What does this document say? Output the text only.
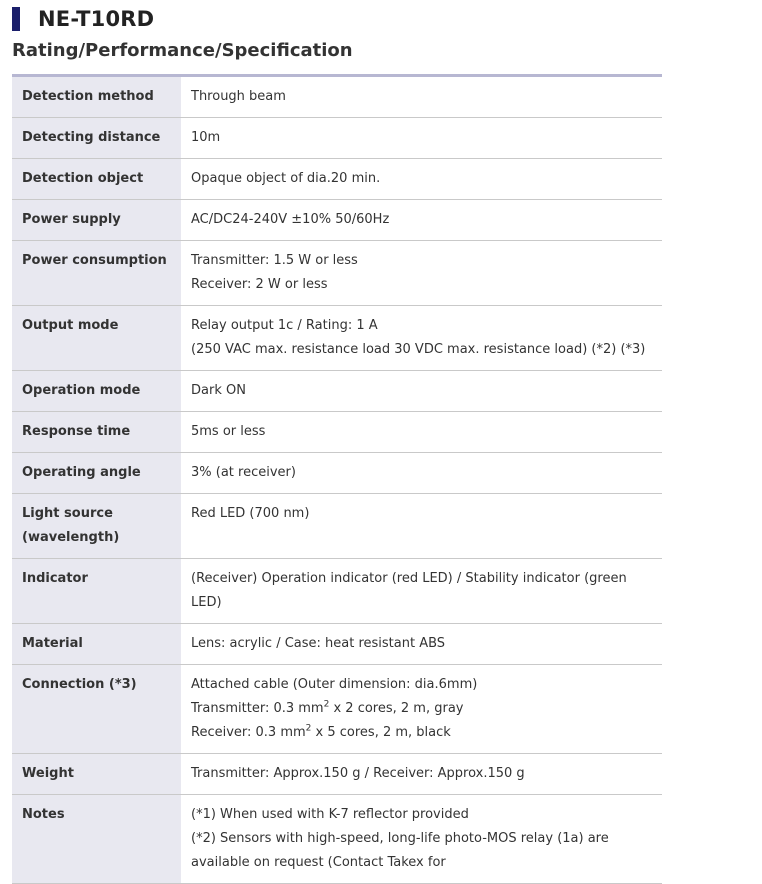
NE-T10RD
Rating/Performance/Specification
Detection method	Through beam

Detecting distance	10m

Detection object	Opaque object of dia.20 min.

Power supply	AC/DC24-240V ±10% 50/60Hz

Power consumption	Transmitter: 1.5 W or less
Receiver: 2 W or less

Output mode	Relay output 1c / Rating: 1 A
(250 VAC max. resistance load 30 VDC max. resistance load) (*2) (*3)

Operation mode	Dark ON

Response time	5ms or less

Operating angle	3% (at receiver)

Light source (wavelength)	Red LED (700 nm)

Indicator	(Receiver) Operation indicator (red LED) / Stability indicator (green LED)

Material	Lens: acrylic / Case: heat resistant ABS

Connection (*3)	Attached cable (Outer dimension: dia.6mm)
Transmitter: 0.3 $mm^2$ x 2 cores, 2 m, gray
Receiver: 0.3 $mm^2$ x 5 cores, 2 m, black

Weight	Transmitter: Approx.150 g / Receiver: Approx.150 g

Notes	(*1) When used with K-7 reflector provided
(*2) Sensors with high-speed, long-life photo-MOS relay (1a) are available on request (Contact Takex for
